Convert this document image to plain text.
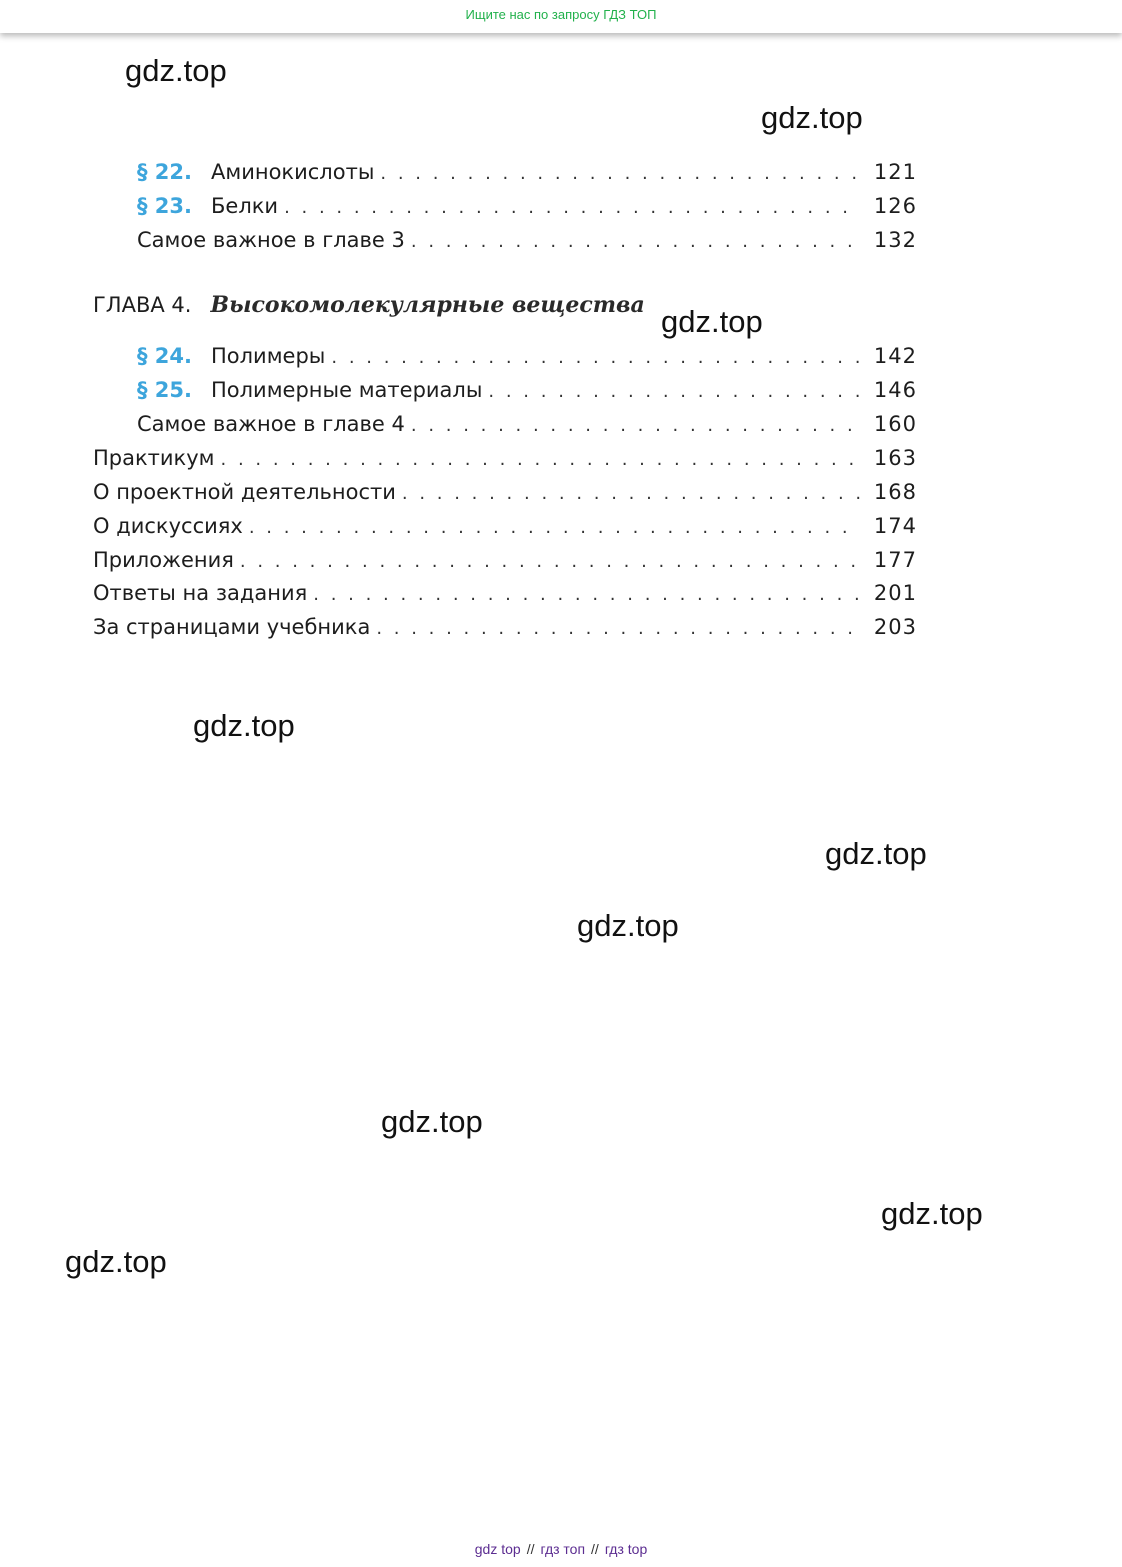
Ищите нас по запросу ГДЗ ТОП
gdz.top
gdz.top
gdz.top
gdz.top
gdz.top
gdz.top
gdz.top
gdz.top
gdz.top
§ 22. Аминокислоты . . .	121
§ 23. Белки . . .	126
Самое важное в главе 3 . . .	132
ГЛАВА 4. Высокомолекулярные вещества
§ 24. Полимеры . . .	142
§ 25. Полимерные материалы . . .	146
Самое важное в главе 4 . . .	160
Практикум . . .	163
О проектной деятельности . . .	168
О дискуссиях . . .	174
Приложения . . .	177
Ответы на задания . . .	201
За страницами учебника . . .	203
gdz top // гдз топ // гдз top
